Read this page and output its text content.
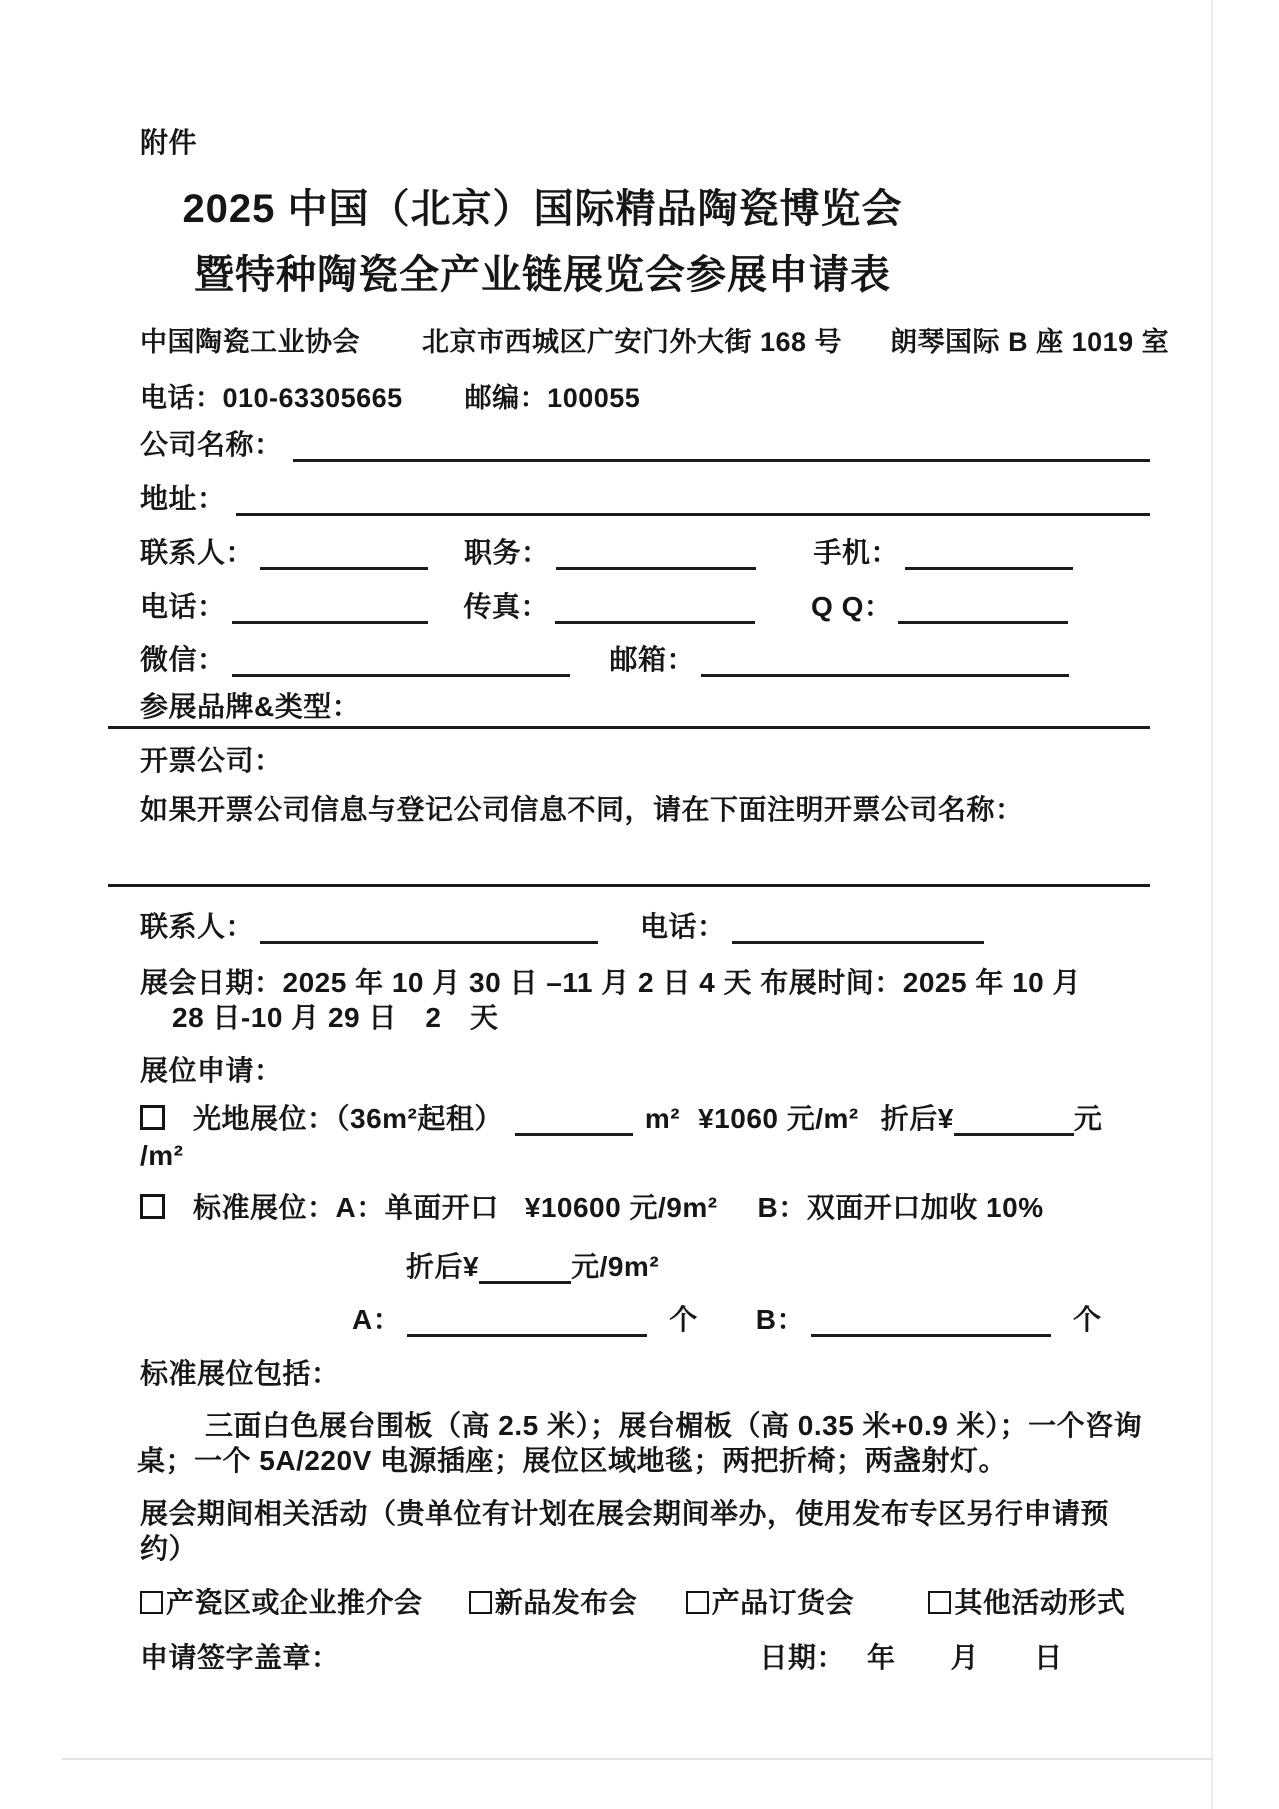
附件
2025 中国（北京）国际精品陶瓷博览会
暨特种陶瓷全产业链展览会参展申请表
中国陶瓷工业协会 北京市西城区广安门外大街 168 号 朗琴国际 B 座 1019 室
电话：010-63305665 邮编：100055
公司名称：
地址：
联系人：	职务：	手机：
电话：	传真：	Q Q：
微信：	邮箱：
参展品牌&类型：
开票公司：
如果开票公司信息与登记公司信息不同，请在下面注明开票公司名称：
联系人：	电话：
展会日期：2025 年 10 月 30 日 –11 月 2 日 4 天 布展时间：2025 年 10 月
28 日-10 月 29 日　2　天
展位申请：
光地展位：（36m²起租）	m² ¥1060 元/m² 折后¥	元
/m²
标准展位：A：单面开口 ¥10600 元/9m² B：双面开口加收 10%
折后¥	元/9m²
A：	个 B：	个
标准展位包括：
三面白色展台围板（高 2.5 米）；展台楣板（高 0.35 米+0.9 米）；一个咨询
桌；一个 5A/220V 电源插座；展位区域地毯；两把折椅；两盏射灯。
展会期间相关活动（贵单位有计划在展会期间举办，使用发布专区另行申请预
约）
产瓷区或企业推介会	新品发布会	产品订货会	其他活动形式
申请签字盖章：	日期： 年 月 日
